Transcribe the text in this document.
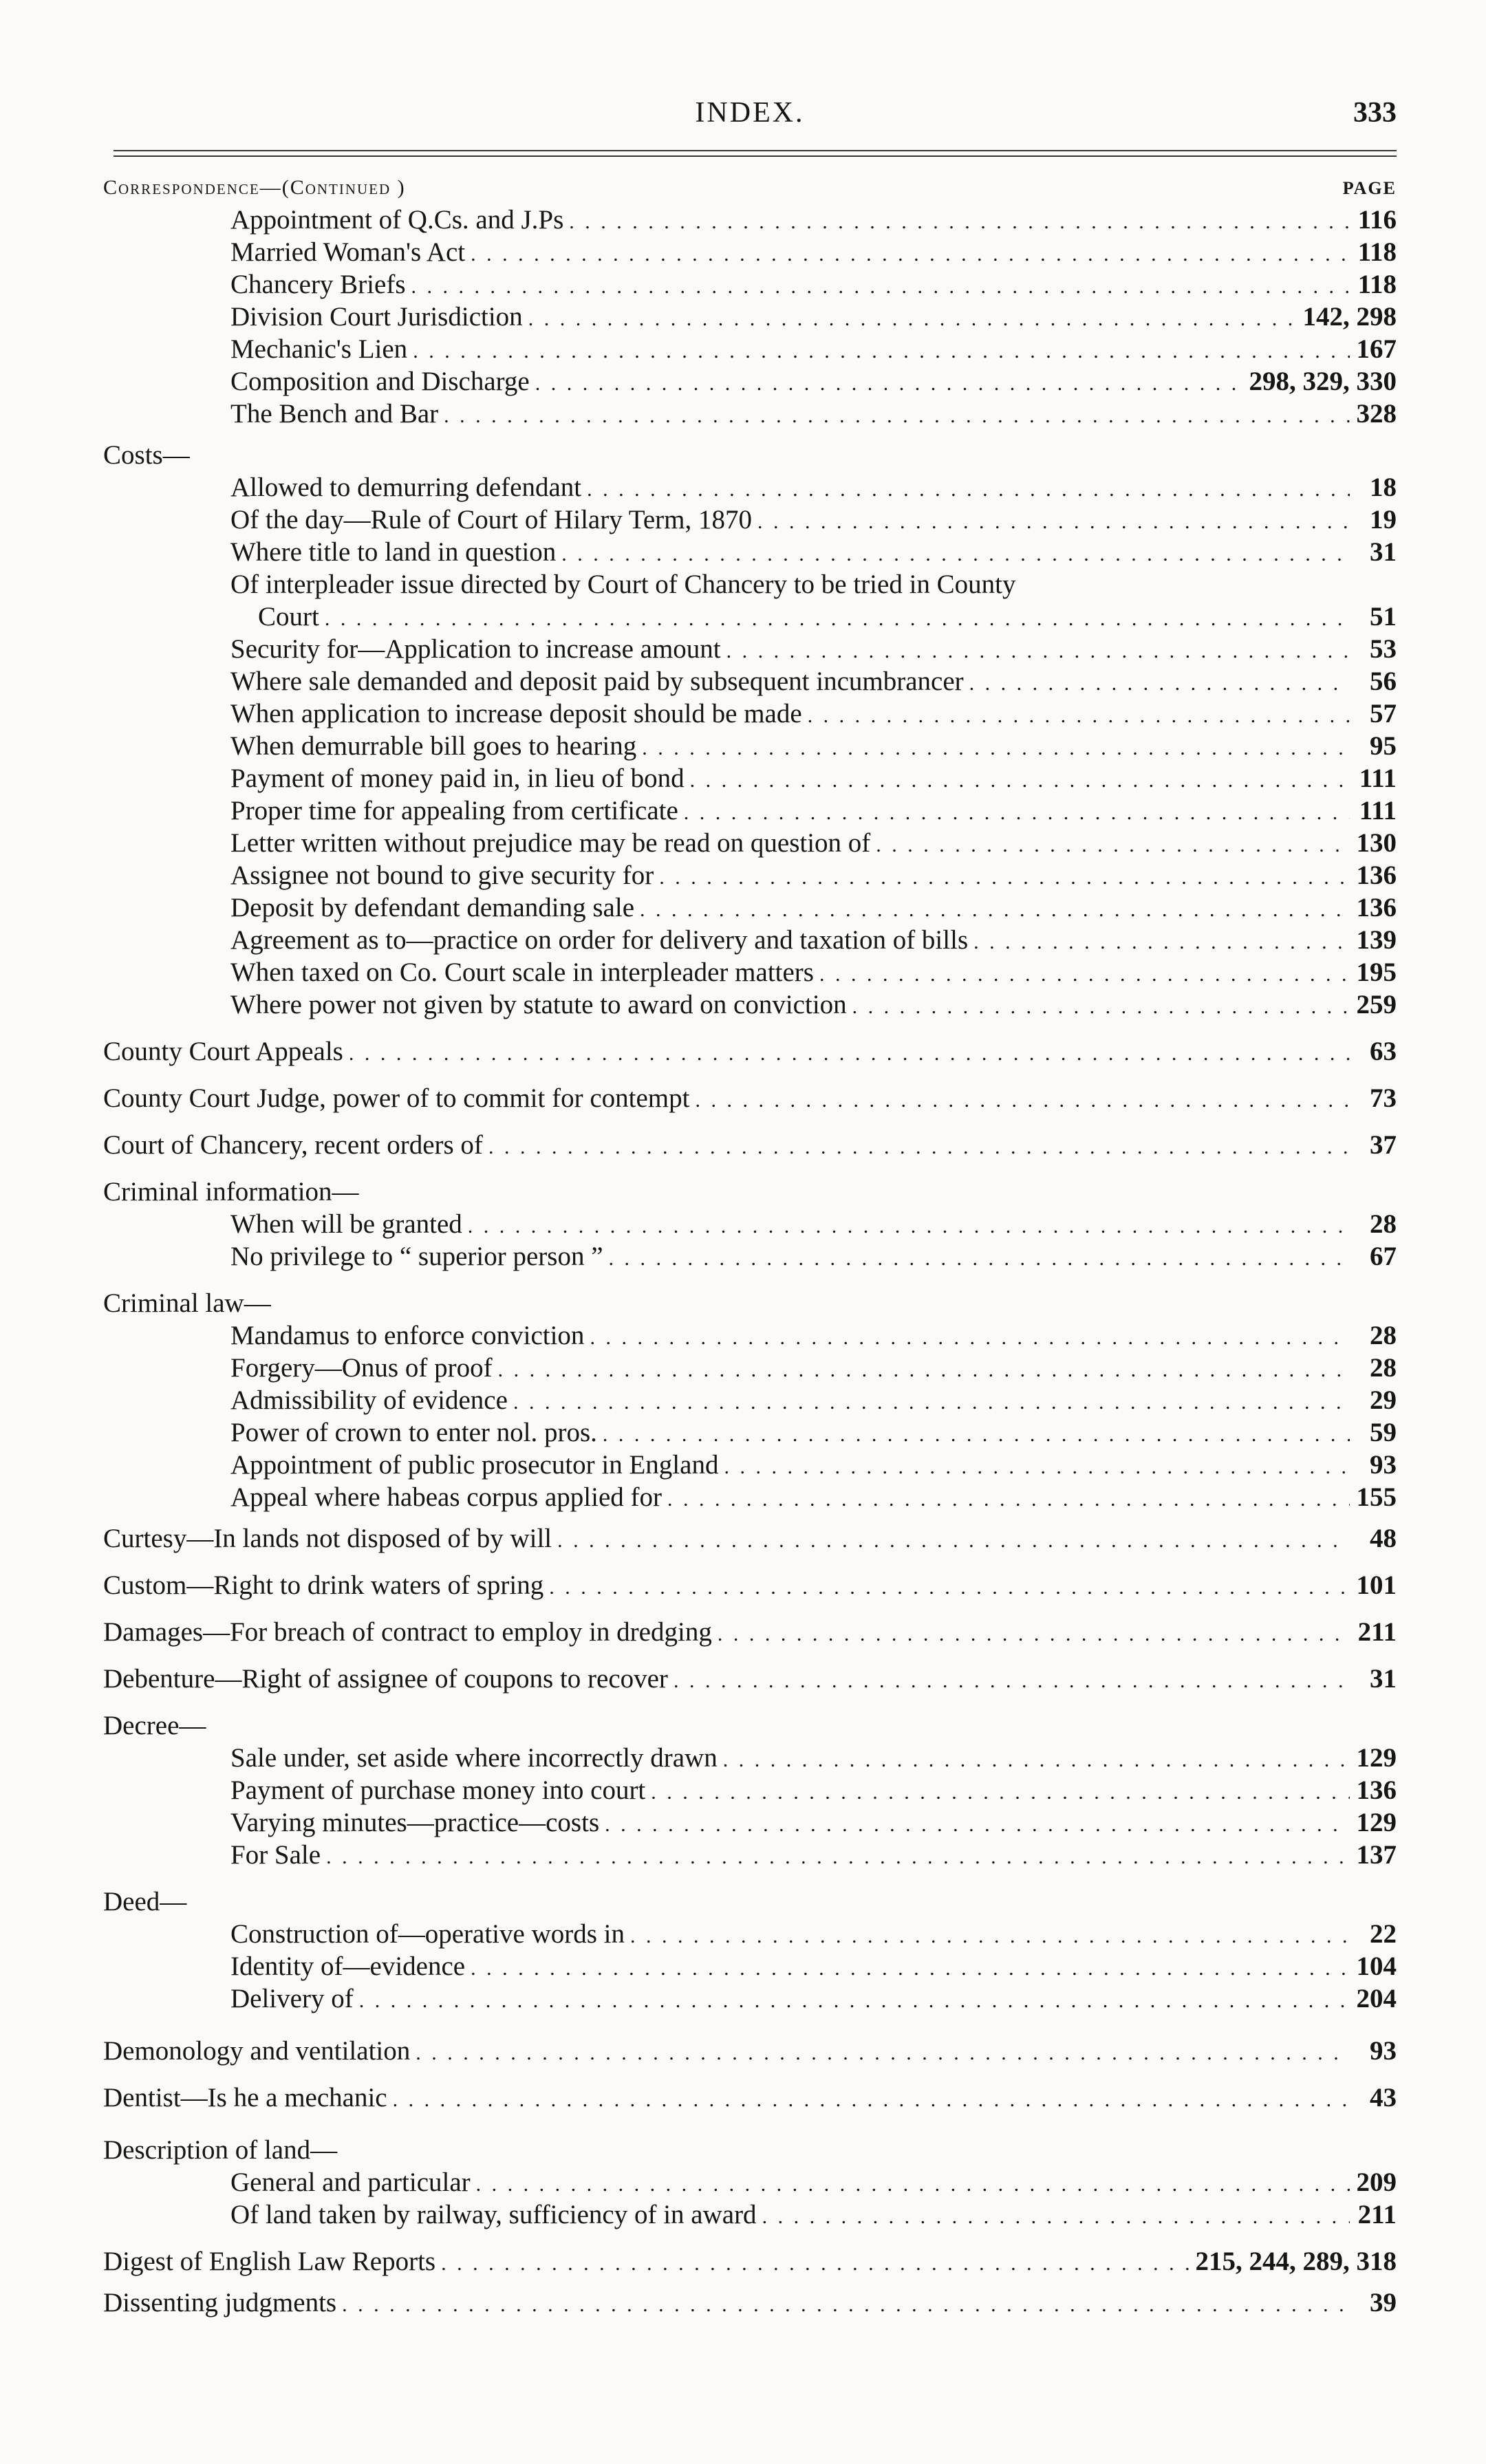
INDEX.	333
Correspondence—(Continued )	PAGE
Appointment of Q.Cs. and J.Ps . . .	116
Married Woman's Act . . .	118
Chancery Briefs . . .	118
Division Court Jurisdiction . . .	142, 298
Mechanic's Lien . . .	167
Composition and Discharge . . .	298, 329, 330
The Bench and Bar . . .	328
Costs—
Allowed to demurring defendant . . .	18
Of the day—Rule of Court of Hilary Term, 1870 . . .	19
Where title to land in question . . .	31
Of interpleader issue directed by Court of Chancery to be tried in County
Court . . .	51
Security for—Application to increase amount . . .	53
Where sale demanded and deposit paid by subsequent incumbrancer . . .	56
When application to increase deposit should be made . . .	57
When demurrable bill goes to hearing . . .	95
Payment of money paid in, in lieu of bond . . .	111
Proper time for appealing from certificate . . .	111
Letter written without prejudice may be read on question of . . .	130
Assignee not bound to give security for . . .	136
Deposit by defendant demanding sale . . .	136
Agreement as to—practice on order for delivery and taxation of bills . . .	139
When taxed on Co. Court scale in interpleader matters . . .	195
Where power not given by statute to award on conviction . . .	259
County Court Appeals . . .	63
County Court Judge, power of to commit for contempt . . .	73
Court of Chancery, recent orders of . . .	37
Criminal information—
When will be granted . . .	28
No privilege to “ superior person ” . . .	67
Criminal law—
Mandamus to enforce conviction . . .	28
Forgery—Onus of proof . . .	28
Admissibility of evidence . . .	29
Power of crown to enter nol. pros. . . .	59
Appointment of public prosecutor in England . . .	93
Appeal where habeas corpus applied for . . .	155
Curtesy—In lands not disposed of by will . . .	48
Custom—Right to drink waters of spring . . .	101
Damages—For breach of contract to employ in dredging . . .	211
Debenture—Right of assignee of coupons to recover . . .	31
Decree—
Sale under, set aside where incorrectly drawn . . .	129
Payment of purchase money into court . . .	136
Varying minutes—practice—costs . . .	129
For Sale . . .	137
Deed—
Construction of—operative words in . . .	22
Identity of—evidence . . .	104
Delivery of . . .	204
Demonology and ventilation . . .	93
Dentist—Is he a mechanic . . .	43
Description of land—
General and particular . . .	209
Of land taken by railway, sufficiency of in award . . .	211
Digest of English Law Reports . . .	215, 244, 289, 318
Dissenting judgments . . .	39
